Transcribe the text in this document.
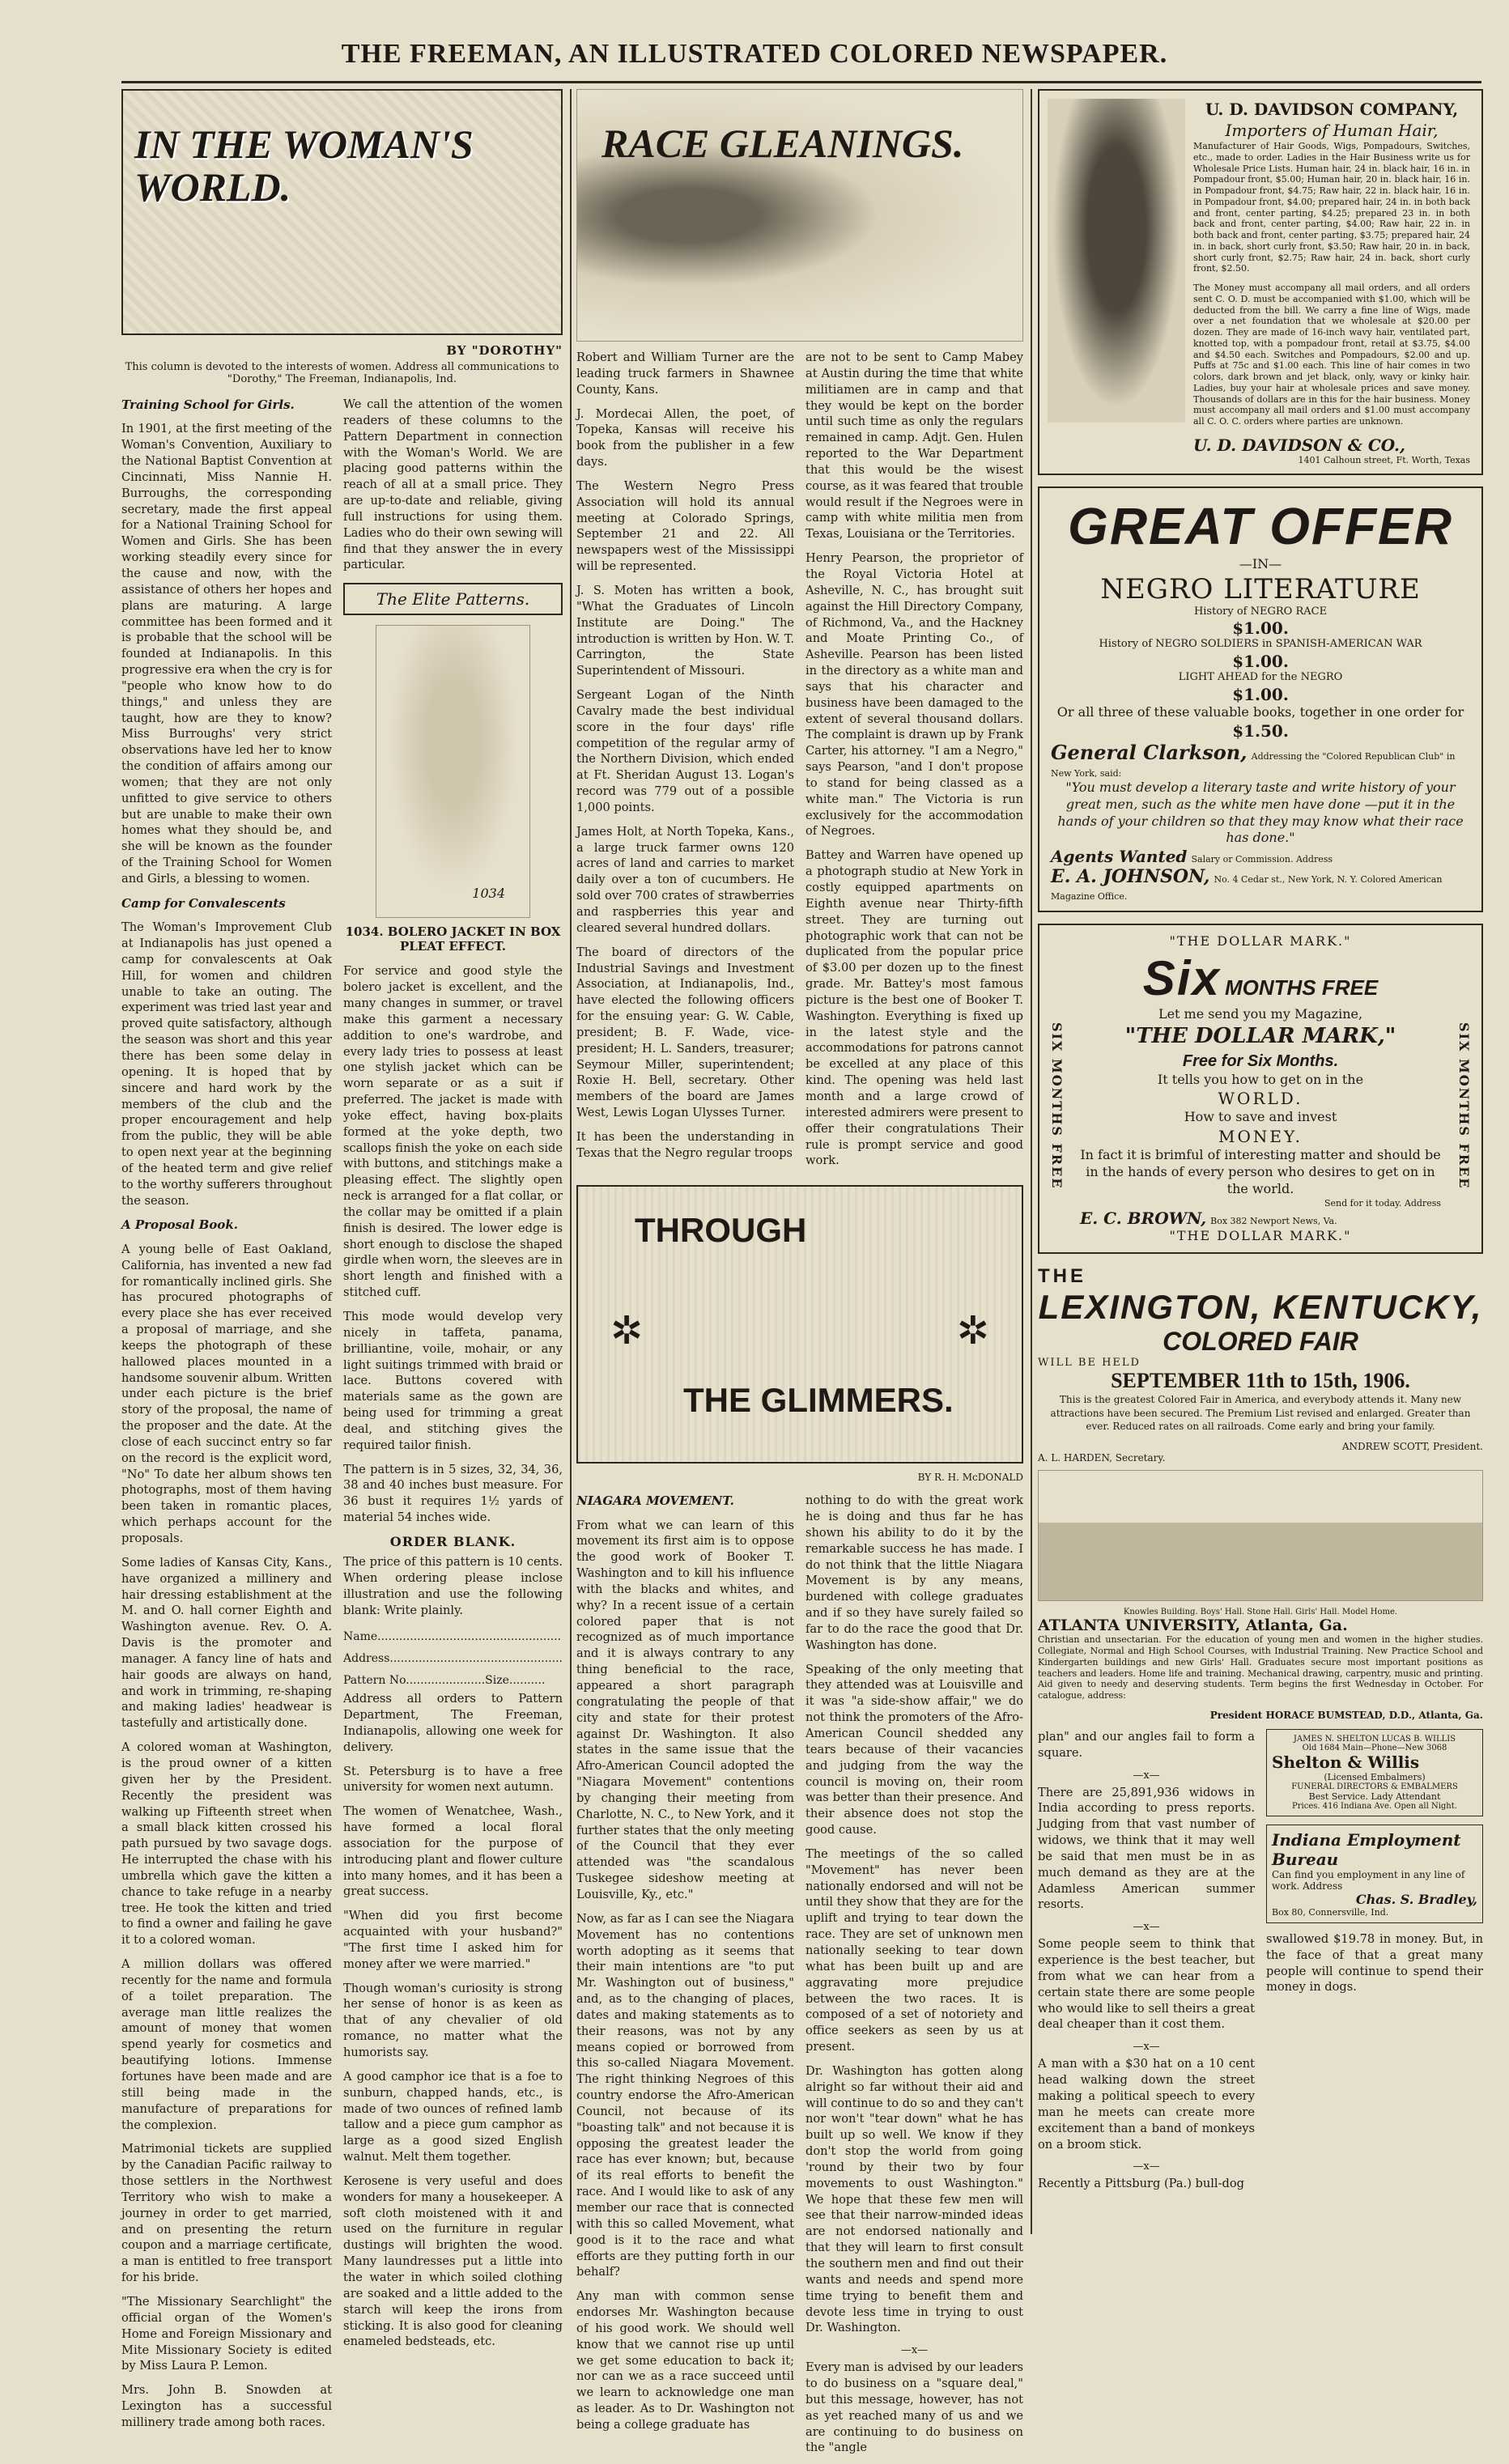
THE FREEMAN, AN ILLUSTRATED COLORED NEWSPAPER.
IN THE WOMAN'S WORLD.
BY "DOROTHY"
This column is devoted to the interests of women. Address all communications to "Dorothy," The Freeman, Indianapolis, Ind.

Training School for Girls.

In 1901, at the first meeting of the Woman's Convention, Auxiliary to the National Baptist Convention at Cincinnati, Miss Nannie H. Burroughs, the corresponding secretary, made the first appeal for a National Training School for Women and Girls. She has been working steadily every since for the cause and now, with the assistance of others her hopes and plans are maturing. A large committee has been formed and it is probable that the school will be founded at Indianapolis. In this progressive era when the cry is for "people who know how to do things," and unless they are taught, how are they to know? Miss Burroughs' very strict observations have led her to know the condition of affairs among our women; that they are not only unfitted to give service to others but are unable to make their own homes what they should be, and she will be known as the founder of the Training School for Women and Girls, a blessing to women.

Camp for Convalescents

The Woman's Improvement Club at Indianapolis has just opened a camp for convalescents at Oak Hill, for women and children unable to take an outing. The experiment was tried last year and proved quite satisfactory, although the season was short and this year there has been some delay in opening. It is hoped that by sincere and hard work by the members of the club and the proper encouragement and help from the public, they will be able to open next year at the beginning of the heated term and give relief to the worthy sufferers throughout the season.

A Proposal Book.

A young belle of East Oakland, California, has invented a new fad for romantically inclined girls. She has procured photographs of every place she has ever received a proposal of marriage, and she keeps the photograph of these hallowed places mounted in a handsome souvenir album. Written under each picture is the brief story of the proposal, the name of the proposer and the date. At the close of each succinct entry so far on the record is the explicit word, "No" To date her album shows ten photographs, most of them having been taken in romantic places, which perhaps account for the proposals.

Some ladies of Kansas City, Kans., have organized a millinery and hair dressing establishment at the M. and O. hall corner Eighth and Washington avenue. Rev. O. A. Davis is the promoter and manager. A fancy line of hats and hair goods are always on hand, and work in trimming, re-shaping and making ladies' headwear is tastefully and artistically done.

A colored woman at Washington, is the proud owner of a kitten given her by the President. Recently the president was walking up Fifteenth street when a small black kitten crossed his path pursued by two savage dogs. He interrupted the chase with his umbrella which gave the kitten a chance to take refuge in a nearby tree. He took the kitten and tried to find a owner and failing he gave it to a colored woman.

A million dollars was offered recently for the name and formula of a toilet preparation. The average man little realizes the amount of money that women spend yearly for cosmetics and beautifying lotions. Immense fortunes have been made and are still being made in the manufacture of preparations for the complexion.

Matrimonial tickets are supplied by the Canadian Pacific railway to those settlers in the Northwest Territory who wish to make a journey in order to get married, and on presenting the return coupon and a marriage certificate, a man is entitled to free transport for his bride.

"The Missionary Searchlight" the official organ of the Women's Home and Foreign Missionary and Mite Missionary Society is edited by Miss Laura P. Lemon.

Mrs. John B. Snowden at Lexington has a successful millinery trade among both races.

We call the attention of the women readers of these columns to the Pattern Department in connection with the Woman's World. We are placing good patterns within the reach of all at a small price. They are up-to-date and reliable, giving full instructions for using them. Ladies who do their own sewing will find that they answer the in every particular.

The Elite Patterns.
1034
1034. BOLERO JACKET IN BOX PLEAT EFFECT.

For service and good style the bolero jacket is excellent, and the many changes in summer, or travel make this garment a necessary addition to one's wardrobe, and every lady tries to possess at least one stylish jacket which can be worn separate or as a suit if preferred. The jacket is made with yoke effect, having box-plaits formed at the yoke depth, two scallops finish the yoke on each side with buttons, and stitchings make a pleasing effect. The slightly open neck is arranged for a flat collar, or the collar may be omitted if a plain finish is desired. The lower edge is short enough to disclose the shaped girdle when worn, the sleeves are in short length and finished with a stitched cuff.

This mode would develop very nicely in taffeta, panama, brilliantine, voile, mohair, or any light suitings trimmed with braid or lace. Buttons covered with materials same as the gown are being used for trimming a great deal, and stitching gives the required tailor finish.

The pattern is in 5 sizes, 32, 34, 36, 38 and 40 inches bust measure. For 36 bust it requires 1½ yards of material 54 inches wide.

ORDER BLANK.

The price of this pattern is 10 cents. When ordering please inclose illustration and use the following blank: Write plainly.

Name...................................................
Address................................................
Pattern No......................Size..........

Address all orders to Pattern Department, The Freeman, Indianapolis, allowing one week for delivery.

St. Petersburg is to have a free university for women next autumn.

The women of Wenatchee, Wash., have formed a local floral association for the purpose of introducing plant and flower culture into many homes, and it has been a great success.

"When did you first become acquainted with your husband?" "The first time I asked him for money after we were married."

Though woman's curiosity is strong her sense of honor is as keen as that of any chevalier of old romance, no matter what the humorists say.

A good camphor ice that is a foe to sunburn, chapped hands, etc., is made of two ounces of refined lamb tallow and a piece gum camphor as large as a good sized English walnut. Melt them together.

Kerosene is very useful and does wonders for many a housekeeper. A soft cloth moistened with it and used on the furniture in regular dustings will brighten the wood. Many laundresses put a little into the water in which soiled clothing are soaked and a little added to the starch will keep the irons from sticking. It is also good for cleaning enameled bedsteads, etc.

RACE GLEANINGS.

Robert and William Turner are the leading truck farmers in Shawnee County, Kans.

J. Mordecai Allen, the poet, of Topeka, Kansas will receive his book from the publisher in a few days.

The Western Negro Press Association will hold its annual meeting at Colorado Springs, September 21 and 22. All newspapers west of the Mississippi will be represented.

J. S. Moten has written a book, "What the Graduates of Lincoln Institute are Doing." The introduction is written by Hon. W. T. Carrington, the State Superintendent of Missouri.

Sergeant Logan of the Ninth Cavalry made the best individual score in the four days' rifle competition of the regular army of the Northern Division, which ended at Ft. Sheridan August 13. Logan's record was 779 out of a possible 1,000 points.

James Holt, at North Topeka, Kans., a large truck farmer owns 120 acres of land and carries to market daily over a ton of cucumbers. He sold over 700 crates of strawberries and raspberries this year and cleared several hundred dollars.

The board of directors of the Industrial Savings and Investment Association, at Indianapolis, Ind., have elected the following officers for the ensuing year: G. W. Cable, president; B. F. Wade, vice-president; H. L. Sanders, treasurer; Seymour Miller, superintendent; Roxie H. Bell, secretary. Other members of the board are James West, Lewis Logan Ulysses Turner.

It has been the understanding in Texas that the Negro regular troops

are not to be sent to Camp Mabey at Austin during the time that white militiamen are in camp and that they would be kept on the border until such time as only the regulars remained in camp. Adjt. Gen. Hulen reported to the War Department that this would be the wisest course, as it was feared that trouble would result if the Negroes were in camp with white militia men from Texas, Louisiana or the Territories.

Henry Pearson, the proprietor of the Royal Victoria Hotel at Asheville, N. C., has brought suit against the Hill Directory Company, of Richmond, Va., and the Hackney and Moate Printing Co., of Asheville. Pearson has been listed in the directory as a white man and says that his character and business have been damaged to the extent of several thousand dollars. The complaint is drawn up by Frank Carter, his attorney. "I am a Negro," says Pearson, "and I don't propose to stand for being classed as a white man." The Victoria is run exclusively for the accommodation of Negroes.

Battey and Warren have opened up a photograph studio at New York in costly equipped apartments on Eighth avenue near Thirty-fifth street. They are turning out photographic work that can not be duplicated from the popular price of $3.00 per dozen up to the finest grade. Mr. Battey's most famous picture is the best one of Booker T. Washington. Everything is fixed up in the latest style and the accommodations for patrons cannot be excelled at any place of this kind. The opening was held last month and a large crowd of interested admirers were present to offer their congratulations Their rule is prompt service and good work.

THROUGH
✲	✲
THE GLIMMERS.
BY R. H. McDONALD

NIAGARA MOVEMENT.

From what we can learn of this movement its first aim is to oppose the good work of Booker T. Washington and to kill his influence with the blacks and whites, and why? In a recent issue of a certain colored paper that is not recognized as of much importance and it is always contrary to any thing beneficial to the race, appeared a short paragraph congratulating the people of that city and state for their protest against Dr. Washington. It also states in the same issue that the Afro-American Council adopted the "Niagara Movement" contentions by changing their meeting from Charlotte, N. C., to New York, and it further states that the only meeting of the Council that they ever attended was "the scandalous Tuskegee sideshow meeting at Louisville, Ky., etc."

Now, as far as I can see the Niagara Movement has no contentions worth adopting as it seems that their main intentions are "to put Mr. Washington out of business," and, as to the changing of places, dates and making statements as to their reasons, was not by any means copied or borrowed from this so-called Niagara Movement. The right thinking Negroes of this country endorse the Afro-American Council, not because of its "boasting talk" and not because it is opposing the greatest leader the race has ever known; but, because of its real efforts to benefit the race. And I would like to ask of any member our race that is connected with this so called Movement, what good is it to the race and what efforts are they putting forth in our behalf?

Any man with common sense endorses Mr. Washington because of his good work. We should well know that we cannot rise up until we get some education to back it; nor can we as a race succeed until we learn to acknowledge one man as leader. As to Dr. Washington not being a college graduate has

nothing to do with the great work he is doing and thus far he has shown his ability to do it by the remarkable success he has made. I do not think that the little Niagara Movement is by any means, burdened with college graduates and if so they have surely failed so far to do the race the good that Dr. Washington has done.

Speaking of the only meeting that they attended was at Louisville and it was "a side-show affair," we do not think the promoters of the Afro-American Council shedded any tears because of their vacancies and judging from the way the council is moving on, their room was better than their presence. And their absence does not stop the good cause.

The meetings of the so called "Movement" has never been nationally endorsed and will not be until they show that they are for the uplift and trying to tear down the race. They are set of unknown men nationally seeking to tear down what has been built up and are aggravating more prejudice between the two races. It is composed of a set of notoriety and office seekers as seen by us at present.

Dr. Washington has gotten along alright so far without their aid and will continue to do so and they can't nor won't "tear down" what he has built up so well. We know if they don't stop the world from going 'round by their two by four movements to oust Washington." We hope that these few men will see that their narrow-minded ideas are not endorsed nationally and that they will learn to first consult the southern men and find out their wants and needs and spend more time trying to benefit them and devote less time in trying to oust Dr. Washington.

—x—

Every man is advised by our leaders to do business on a "square deal," but this message, however, has not as yet reached many of us and we are continuing to do business on the "angle

U. D. DAVIDSON COMPANY,
Importers of Human Hair,

Manufacturer of Hair Goods, Wigs, Pompadours, Switches, etc., made to order. Ladies in the Hair Business write us for Wholesale Price Lists. Human hair, 24 in. black hair, 16 in. in Pompadour front, $5.00; Human hair, 20 in. black hair, 16 in. in Pompadour front, $4.75; Raw hair, 22 in. black hair, 16 in. in Pompadour front, $4.00; prepared hair, 24 in. in both back and front, center parting, $4.25; prepared 23 in. in both back and front, center parting, $4.00; Raw hair, 22 in. in both back and front, center parting, $3.75; prepared hair, 24 in. in back, short curly front, $3.50; Raw hair, 20 in. in back, short curly front, $2.75; Raw hair, 24 in. back, short curly front, $2.50.

The Money must accompany all mail orders, and all orders sent C. O. D. must be accompanied with $1.00, which will be deducted from the bill. We carry a fine line of Wigs, made over a net foundation that we wholesale at $20.00 per dozen. They are made of 16-inch wavy hair, ventilated part, knotted top, with a pompadour front, retail at $3.75, $4.00 and $4.50 each. Switches and Pompadours, $2.00 and up. Puffs at 75c and $1.00 each. This line of hair comes in two colors, dark brown and jet black, only, wavy or kinky hair. Ladies, buy your hair at wholesale prices and save money. Thousands of dollars are in this for the hair business. Money must accompany all mail orders and $1.00 must accompany all C. O. C. orders where parties are unknown.

U. D. DAVIDSON & CO.,
1401 Calhoun street, Ft. Worth, Texas
GREAT OFFER
—IN—
NEGRO LITERATURE
History of NEGRO RACE
$1.00.
History of NEGRO SOLDIERS in SPANISH-AMERICAN WAR
$1.00.
LIGHT AHEAD for the NEGRO
$1.00.
Or all three of these valuable books, together in one order for
$1.50.
General Clarkson, Addressing the "Colored Republican Club" in New York, said:
"You must develop a literary taste and write history of your great men, such as the white men have done —put it in the hands of your children so that they may know what their race has done."
Agents Wanted Salary or Commission. Address
E. A. JOHNSON, No. 4 Cedar st., New York, N. Y. Colored American Magazine Office.
SIX MONTHS FREE	SIX MONTHS FREE
"THE DOLLAR MARK."
Six MONTHS FREE
Let me send you my Magazine,
"THE DOLLAR MARK,"
Free for Six Months.
It tells you how to get on in the
WORLD.
How to save and invest
MONEY.
In fact it is brimful of interesting matter and should be in the hands of every person who desires to get on in the world.
Send for it today. Address
E. C. BROWN, Box 382 Newport News, Va.
"THE DOLLAR MARK."
THE
LEXINGTON, KENTUCKY,
COLORED FAIR
WILL BE HELD
SEPTEMBER 11th to 15th, 1906.

This is the greatest Colored Fair in America, and everybody attends it. Many new attractions have been secured. The Premium List revised and enlarged. Greater than ever. Reduced rates on all railroads. Come early and bring your family.

ANDREW SCOTT, President.
A. L. HARDEN, Secretary.
Knowles Building. Boys' Hall. Stone Hall. Girls' Hall. Model Home.
ATLANTA UNIVERSITY, Atlanta, Ga.

Christian and unsectarian. For the education of young men and women in the higher studies. Collegiate, Normal and High School Courses, with Industrial Training. New Practice School and Kindergarten buildings and new Girls' Hall. Graduates secure most important positions as teachers and leaders. Home life and training. Mechanical drawing, carpentry, music and printing. Aid given to needy and deserving students. Term begins the first Wednesday in October. For catalogue, address:

President HORACE BUMSTEAD, D.D., Atlanta, Ga.

plan" and our angles fail to form a square.

—x—

There are 25,891,936 widows in India according to press reports. Judging from that vast number of widows, we think that it may well be said that men must be in as much demand as they are at the Adamless American summer resorts.

—x—

Some people seem to think that experience is the best teacher, but from what we can hear from a certain state there are some people who would like to sell theirs a great deal cheaper than it cost them.

—x—

A man with a $30 hat on a 10 cent head walking down the street making a political speech to every man he meets can create more excitement than a band of monkeys on a broom stick.

—x—

Recently a Pittsburg (Pa.) bull-dog

JAMES N. SHELTON LUCAS B. WILLIS
Old 1684 Main—Phone—New 3068
Shelton & Willis
(Licensed Embalmers)
FUNERAL DIRECTORS & EMBALMERS
Best Service. Lady Attendant
Prices. 416 Indiana Ave. Open all Night.
Indiana Employment Bureau
Can find you employment in any line of work. Address
Chas. S. Bradley,
Box 80, Connersville, Ind.

swallowed $19.78 in money. But, in the face of that a great many people will continue to spend their money in dogs.
